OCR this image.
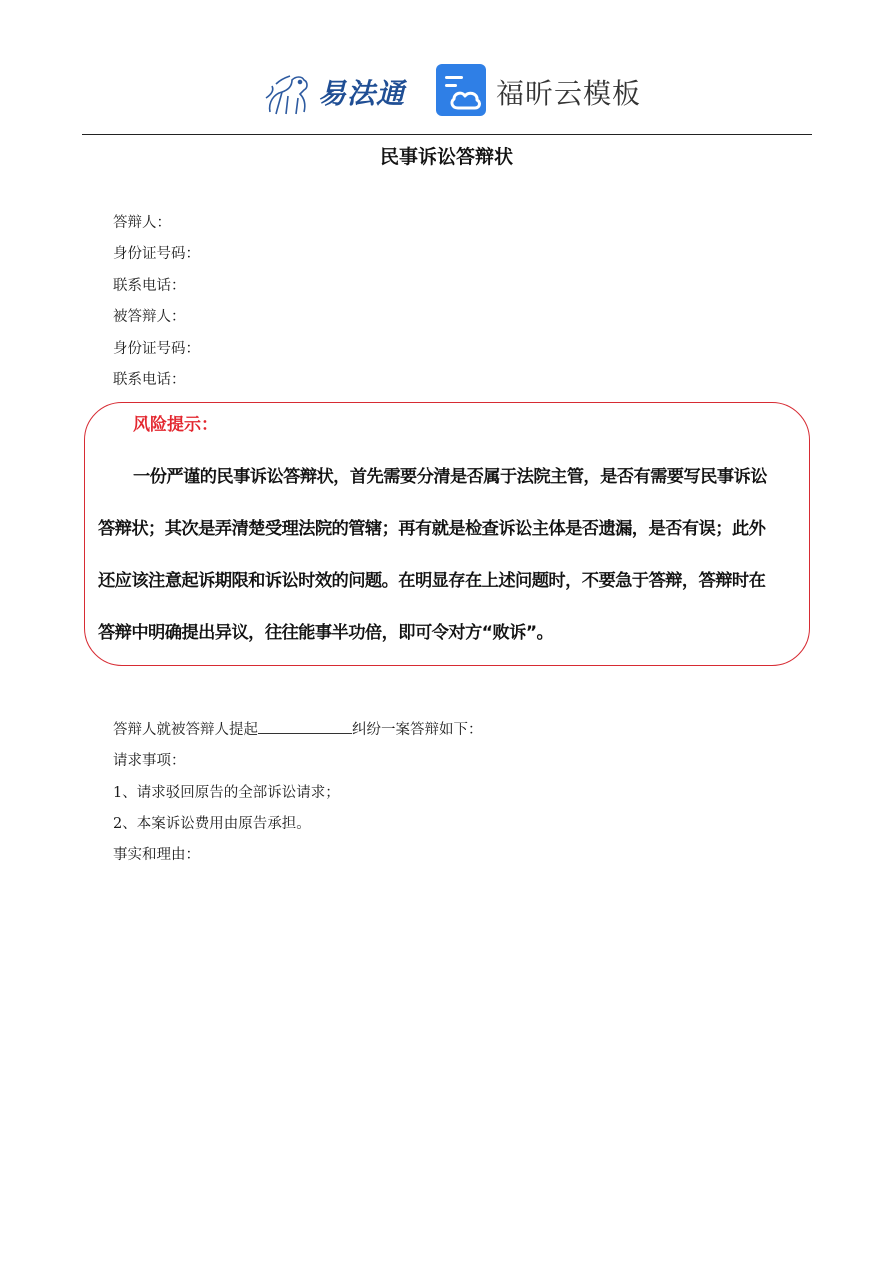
易法通	福昕云模板
民事诉讼答辩状
答辩人：
身份证号码：
联系电话：
被答辩人：
身份证号码：
联系电话：
风险提示：
一份严谨的民事诉讼答辩状，首先需要分清是否属于法院主管，是否有需要写民事诉讼
答辩状；其次是弄清楚受理法院的管辖；再有就是检查诉讼主体是否遗漏，是否有误；此外
还应该注意起诉期限和诉讼时效的问题。在明显存在上述问题时，不要急于答辩，答辩时在
答辩中明确提出异议，往往能事半功倍，即可令对方“败诉”。
答辩人就被答辩人提起	纠纷一案答辩如下：
请求事项：
1、请求驳回原告的全部诉讼请求；
2、本案诉讼费用由原告承担。
事实和理由：
